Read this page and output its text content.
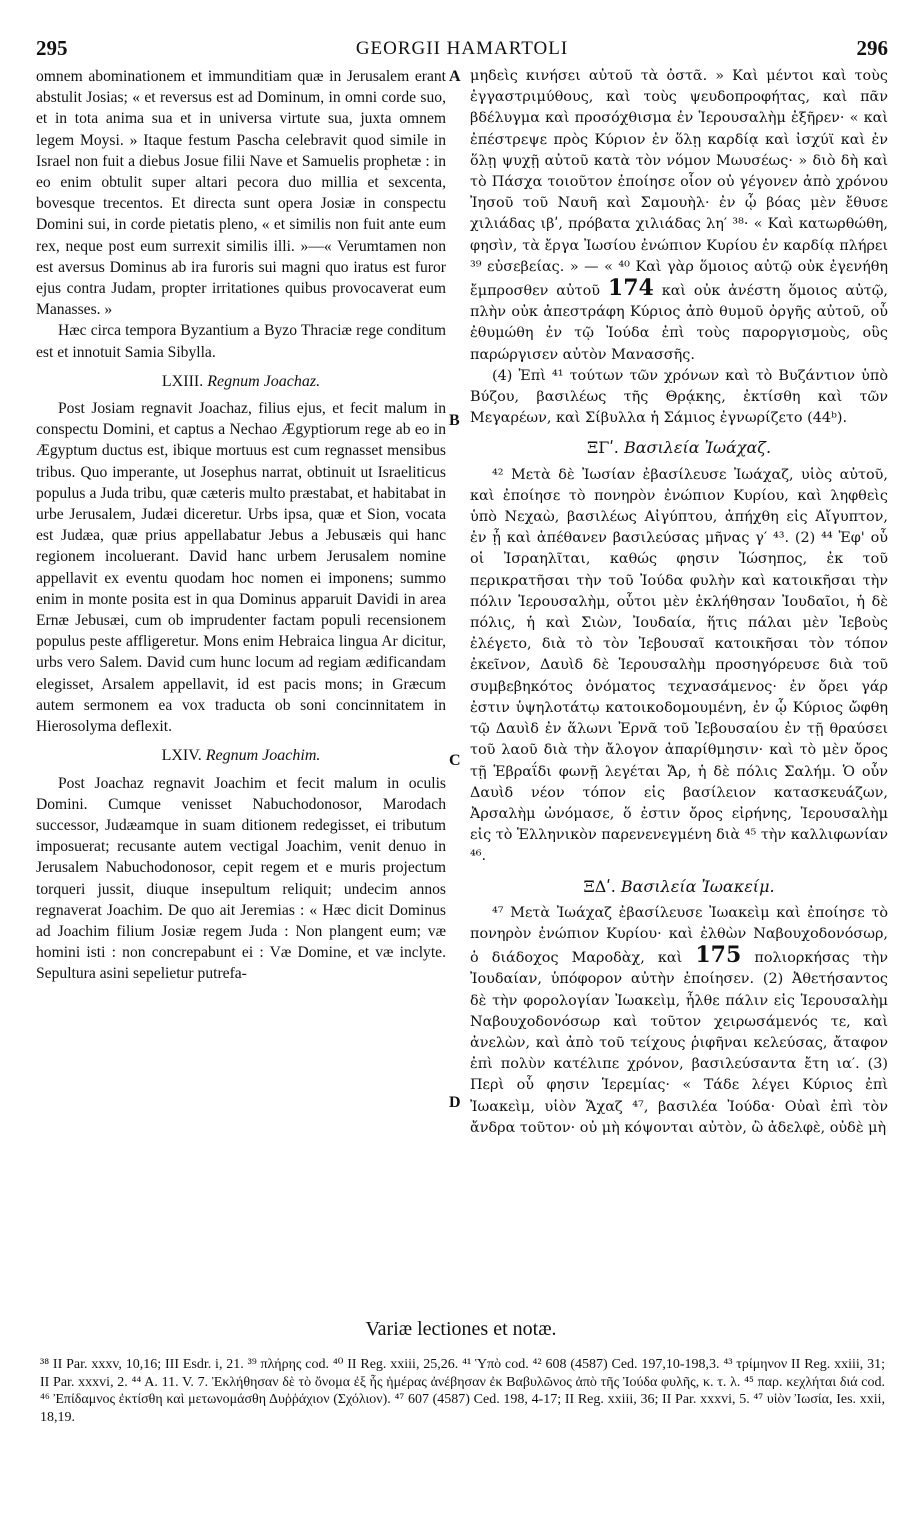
295	GEORGII HAMARTOLI	296
A
B
C
D

omnem abominationem et immunditiam quæ in Jerusalem erant abstulit Josias; « et reversus est ad Dominum, in omni corde suo, et in tota anima sua et in universa virtute sua, juxta omnem legem Moysi. » Itaque festum Pascha celebravit quod simile in Israel non fuit a diebus Josue filii Nave et Samuelis prophetæ : in eo enim obtulit super altari pecora duo millia et sexcenta, bovesque trecentos. Et directa sunt opera Josiæ in conspectu Domini sui, in corde pietatis pleno, « et similis non fuit ante eum rex, neque post eum surrexit similis illi. »—« Verumtamen non est aversus Dominus ab ira furoris sui magni quo iratus est furor ejus contra Judam, propter irritationes quibus provocaverat eum Manasses. »

Hæc circa tempora Byzantium a Byzo Thraciæ rege conditum est et innotuit Samia Sibylla.

LXIII. Regnum Joachaz.

Post Josiam regnavit Joachaz, filius ejus, et fecit malum in conspectu Domini, et captus a Nechao Ægyptiorum rege ab eo in Ægyptum ductus est, ibique mortuus est cum regnasset mensibus tribus. Quo imperante, ut Josephus narrat, obtinuit ut Israeliticus populus a Juda tribu, quæ cæteris multo præstabat, et habitabat in urbe Jerusalem, Judæi diceretur. Urbs ipsa, quæ et Sion, vocata est Judæa, quæ prius appellabatur Jebus a Jebusæis qui hanc regionem incoluerant. David hanc urbem Jerusalem nomine appellavit ex eventu quodam hoc nomen ei imponens; summo enim in monte posita est in qua Dominus apparuit Davidi in area Ernæ Jebusæi, cum ob imprudenter factam populi recensionem populus peste affligeretur. Mons enim Hebraica lingua Ar dicitur, urbs vero Salem. David cum hunc locum ad regiam ædificandam elegisset, Arsalem appellavit, id est pacis mons; in Græcum autem sermonem ea vox traducta ob soni concinnitatem in Hierosolyma deflexit.

LXIV. Regnum Joachim.

Post Joachaz regnavit Joachim et fecit malum in oculis Domini. Cumque venisset Nabuchodonosor, Marodach successor, Judæamque in suam ditionem redegisset, ei tributum imposuerat; recusante autem vectigal Joachim, venit denuo in Jerusalem Nabuchodonosor, cepit regem et e muris projectum torqueri jussit, diuque insepultum reliquit; undecim annos regnaverat Joachim. De quo ait Jeremias : « Hæc dicit Dominus ad Joachim filium Josiæ regem Juda : Non plangent eum; væ homini isti : non concrepabunt ei : Væ Domine, et væ inclyte. Sepultura asini sepelietur putrefa-

μηδεὶς κινήσει αὐτοῦ τὰ ὀστᾶ. » Καὶ μέντοι καὶ τοὺς ἐγγαστριμύθους, καὶ τοὺς ψευδοπροφήτας, καὶ πᾶν βδέλυγμα καὶ προσόχθισμα ἐν Ἱερουσαλὴμ ἐξῆρεν· « καὶ ἐπέστρεψε πρὸς Κύριον ἐν ὅλῃ καρδίᾳ καὶ ἰσχύϊ καὶ ἐν ὅλῃ ψυχῇ αὐτοῦ κατὰ τὸν νόμον Μωυσέως· » διὸ δὴ καὶ τὸ Πάσχα τοιοῦτον ἐποίησε οἷον οὐ γέγονεν ἀπὸ χρόνου Ἰησοῦ τοῦ Ναυῆ καὶ Σαμουὴλ· ἐν ᾧ βόας μὲν ἔθυσε χιλιάδας ιβʹ, πρόβατα χιλιάδας λη′ ³⁸· « Καὶ κατωρθώθη, φησὶν, τὰ ἔργα Ἰωσίου ἐνώπιον Κυρίου ἐν καρδίᾳ πλήρει ³⁹ εὐσεβείας. » — « ⁴⁰ Καὶ γὰρ ὅμοιος αὐτῷ οὐκ ἐγενήθη ἔμπροσθεν αὐτοῦ 174 καὶ οὐκ ἀνέστη ὅμοιος αὐτῷ, πλὴν οὐκ ἀπεστράφη Κύριος ἀπὸ θυμοῦ ὀργῆς αὐτοῦ, οὗ ἐθυμώθη ἐν τῷ Ἰούδα ἐπὶ τοὺς παροργισμοὺς, οὓς παρώργισεν αὐτὸν Μανασσῆς.

(4) Ἐπὶ ⁴¹ τούτων τῶν χρόνων καὶ τὸ Βυζάντιον ὑπὸ Βύζου, βασιλέως τῆς Θρᾴκης, ἐκτίσθη καὶ τῶν Μεγαρέων, καὶ Σίβυλλα ἡ Σάμιος ἐγνωρίζετο (44ᵇ).

ΞΓʹ. Βασιλεία Ἰωάχαζ.

⁴² Μετὰ δὲ Ἰωσίαν ἐβασίλευσε Ἰωάχαζ, υἱὸς αὐτοῦ, καὶ ἐποίησε τὸ πονηρὸν ἐνώπιον Κυρίου, καὶ ληφθεὶς ὑπὸ Νεχαὼ, βασιλέως Αἰγύπτου, ἀπήχθη εἰς Αἴγυπτον, ἐν ᾗ καὶ ἀπέθανεν βασιλεύσας μῆνας γ′ ⁴³. (2) ⁴⁴ Ἐφ' οὗ οἱ Ἰσραηλῖται, καθώς φησιν Ἰώσηπος, ἐκ τοῦ περικρατῆσαι τὴν τοῦ Ἰούδα φυλὴν καὶ κατοικῆσαι τὴν πόλιν Ἱερουσαλὴμ, οὗτοι μὲν ἐκλήθησαν Ἰουδαῖοι, ἡ δὲ πόλις, ἡ καὶ Σιὼν, Ἰουδαία, ἥτις πάλαι μὲν Ἰεβοὺς ἐλέγετο, διὰ τὸ τὸν Ἰεβουσαῖ κατοικῆσαι τὸν τόπον ἐκεῖνον, Δαυὶδ δὲ Ἱερουσαλὴμ προσηγόρευσε διὰ τοῦ συμβεβηκότος ὀνόματος τεχνασάμενος· ἐν ὄρει γάρ ἐστιν ὑψηλοτάτῳ κατοικοδομουμένη, ἐν ᾧ Κύριος ὤφθη τῷ Δαυὶδ ἐν ἅλωνι Ἐρνᾶ τοῦ Ἰεβουσαίου ἐν τῇ θραύσει τοῦ λαοῦ διὰ τὴν ἄλογον ἀπαρίθμησιν· καὶ τὸ μὲν ὄρος τῇ Ἑβραΐδι φωνῇ λεγέται Ἄρ, ἡ δὲ πόλις Σαλήμ. Ὁ οὖν Δαυὶδ νέον τόπον εἰς βασίλειον κατασκευάζων, Ἀρσαλὴμ ὠνόμασε, ὅ ἐστιν ὄρος εἰρήνης, Ἱερουσαλὴμ εἰς τὸ Ἑλληνικὸν παρενενεγμένη διὰ ⁴⁵ τὴν καλλιφωνίαν ⁴⁶.

ΞΔʹ. Βασιλεία Ἰωακείμ.

⁴⁷ Μετὰ Ἰωάχαζ ἐβασίλευσε Ἰωακεὶμ καὶ ἐποίησε τὸ πονηρὸν ἐνώπιον Κυρίου· καὶ ἐλθὼν Ναβουχοδονόσωρ, ὁ διάδοχος Μαροδὰχ, καὶ 175 πολιορκήσας τὴν Ἰουδαίαν, ὑπόφορον αὐτὴν ἐποίησεν. (2) Ἀθετήσαντος δὲ τὴν φορολογίαν Ἰωακεὶμ, ἦλθε πάλιν εἰς Ἱερουσαλὴμ Ναβουχοδονόσωρ καὶ τοῦτον χειρωσάμενός τε, καὶ ἀνελὼν, καὶ ἀπὸ τοῦ τείχους ῥιφῆναι κελεύσας, ἄταφον ἐπὶ πολὺν κατέλιπε χρόνον, βασιλεύσαντα ἔτη ια′. (3) Περὶ οὗ φησιν Ἱερεμίας· « Τάδε λέγει Κύριος ἐπὶ Ἰωακεὶμ, υἱὸν Ἄχαζ ⁴⁷, βασιλέα Ἰούδα· Οὐαὶ ἐπὶ τὸν ἄνδρα τοῦτον· οὐ μὴ κόψονται αὐτὸν, ὢ ἀδελφὲ, οὐδὲ μὴ

Variæ lectiones et notæ.

³⁸ II Par. xxxv, 10,16; III Esdr. i, 21. ³⁹ πλήρης cod. ⁴⁰ II Reg. xxiii, 25,26. ⁴¹ Ὑπὸ cod. ⁴² 608 (4587) Ced. 197,10-198,3. ⁴³ τρίμηνον II Reg. xxiii, 31; II Par. xxxvi, 2. ⁴⁴ A. 11. V. 7. Ἐκλήθησαν δὲ τὸ ὄνομα ἐξ ἧς ἡμέρας ἀνέβησαν ἐκ Βαβυλῶνος ἀπὸ τῆς Ἰούδα φυλῆς, κ. τ. λ. ⁴⁵ παρ. κεχλήται διά cod. ⁴⁶ Ἐπίδαμνος ἐκτίσθη καὶ μετωνομάσθη Δυῤῥάχιον (Σχόλιον). ⁴⁷ 607 (4587) Ced. 198, 4-17; II Reg. xxiii, 36; II Par. xxxvi, 5. ⁴⁷ υἱὸν Ἰωσία, Ies. xxii, 18,19.
